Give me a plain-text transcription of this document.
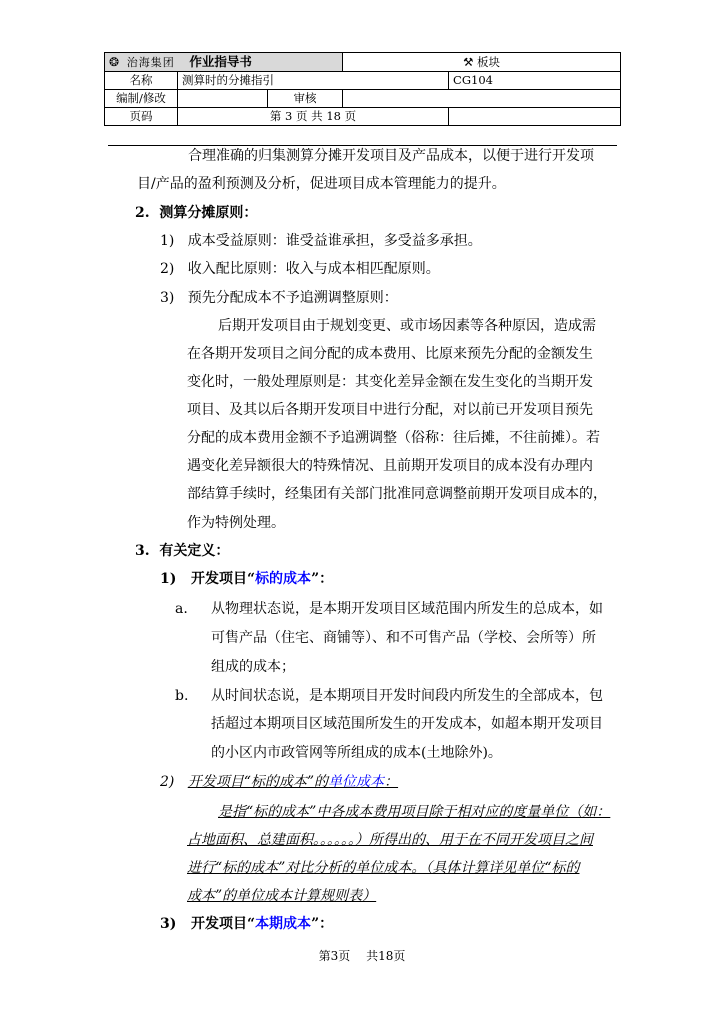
❂ 治海集团 作业指导书			⚒ 板块	
名称	测算时的分摊指引			CG104
编制/修改		审核		
页码	第 3 页 共 18 页			
合理准确的归集测算分摊开发项目及产品成本，以便于进行开发项
目/产品的盈利预测及分析，促进项目成本管理能力的提升。
2. 测算分摊原则：
1) 成本受益原则：谁受益谁承担，多受益多承担。
2) 收入配比原则：收入与成本相匹配原则。
3) 预先分配成本不予追溯调整原则：
后期开发项目由于规划变更、或市场因素等各种原因，造成需
在各期开发项目之间分配的成本费用、比原来预先分配的金额发生
变化时，一般处理原则是：其变化差异金额在发生变化的当期开发
项目、及其以后各期开发项目中进行分配，对以前已开发项目预先
分配的成本费用金额不予追溯调整（俗称：往后摊，不往前摊）。若
遇变化差异额很大的特殊情况、且前期开发项目的成本没有办理内
部结算手续时，经集团有关部门批准同意调整前期开发项目成本的，
作为特例处理。
3. 有关定义：
1) 开发项目“标的成本”：
a. 从物理状态说，是本期开发项目区域范围内所发生的总成本，如
可售产品（住宅、商铺等）、和不可售产品（学校、会所等）所
组成的成本；
b. 从时间状态说，是本期项目开发时间段内所发生的全部成本，包
括超过本期项目区域范围所发生的开发成本，如超本期开发项目
的小区内市政管网等所组成的成本(土地除外)。
2) 开发项目“标的成本”的单位成本：
是指“标的成本”中各成本费用项目除于相对应的度量单位（如：
占地面积、总建面积。。。。。。）所得出的、用于在不同开发项目之间
进行“标的成本”对比分析的单位成本。（具体计算详见单位“标的
成本”的单位成本计算规则表）
3) 开发项目“本期成本”：
第3页 共18页
